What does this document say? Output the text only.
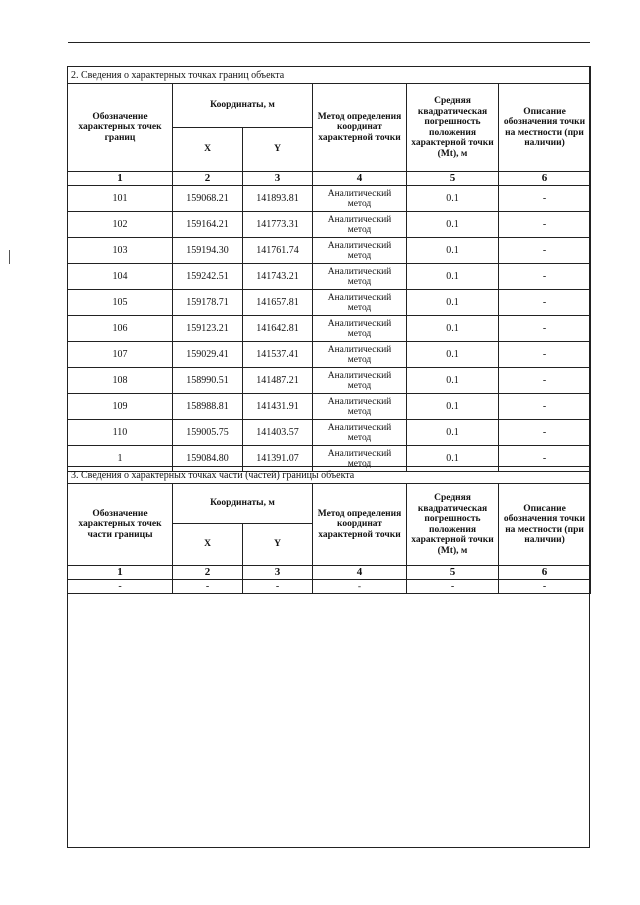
2. Сведения о характерных точках границ объекта					
Обозначение характерных точек границ	Координаты, м		Метод определения координат характерной точки	Средняя квадратическая погрешность положения характерной точки (Mt), м	Описание обозначения точки на местности (при наличии)
	X	Y			
1	2	3	4	5	6
101	159068.21	141893.81	Аналитический метод	0.1	-
102	159164.21	141773.31	Аналитический метод	0.1	-
103	159194.30	141761.74	Аналитический метод	0.1	-
104	159242.51	141743.21	Аналитический метод	0.1	-
105	159178.71	141657.81	Аналитический метод	0.1	-
106	159123.21	141642.81	Аналитический метод	0.1	-
107	159029.41	141537.41	Аналитический метод	0.1	-
108	158990.51	141487.21	Аналитический метод	0.1	-
109	158988.81	141431.91	Аналитический метод	0.1	-
110	159005.75	141403.57	Аналитический метод	0.1	-
1	159084.80	141391.07	Аналитический метод	0.1	-
3. Сведения о характерных точках части (частей) границы объекта					
Обозначение характерных точек части границы	Координаты, м		Метод определения координат характерной точки	Средняя квадратическая погрешность положения характерной точки (Mt), м	Описание обозначения точки на местности (при наличии)
	X	Y			
1	2	3	4	5	6
-	-	-	-	-	-
